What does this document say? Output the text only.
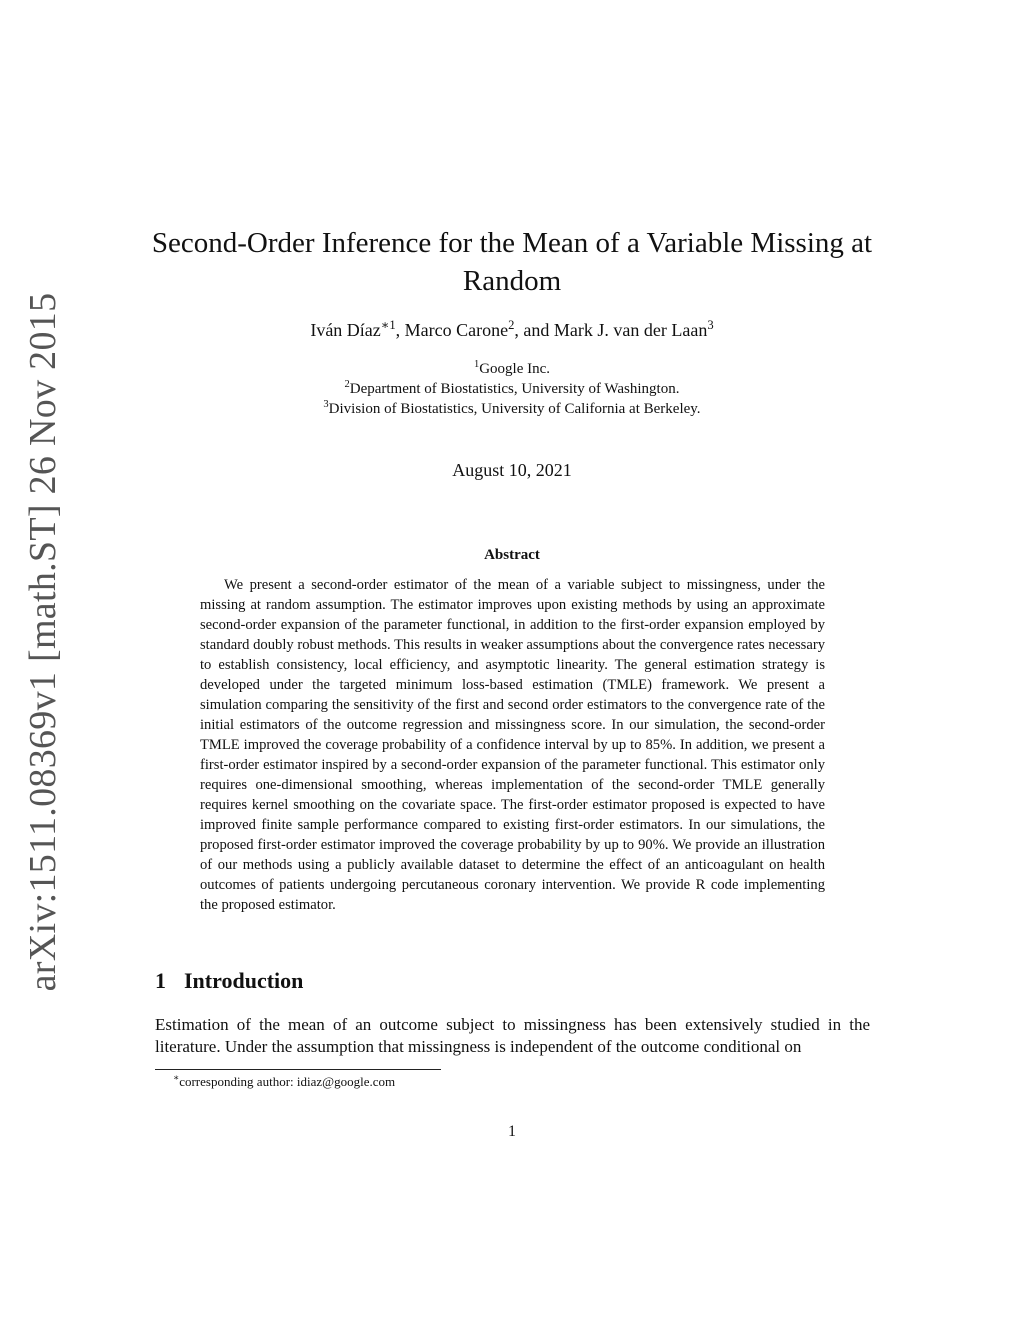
arXiv:1511.08369v1 [math.ST] 26 Nov 2015
Second-Order Inference for the Mean of a Variable Missing at Random
Iván Díaz$^{∗1}$, Marco Carone$^2$, and Mark J. van der Laan$^3$
$^1$Google Inc.
$^2$Department of Biostatistics, University of Washington.
$^3$Division of Biostatistics, University of California at Berkeley.
August 10, 2021
Abstract

We present a second-order estimator of the mean of a variable subject to missingness, under the missing at random assumption. The estimator improves upon existing methods by using an approximate second-order expansion of the parameter functional, in addition to the first-order expansion employed by standard doubly robust methods. This results in weaker assumptions about the convergence rates necessary to establish consistency, local efficiency, and asymptotic linearity. The general estimation strategy is developed under the targeted minimum loss-based estimation (TMLE) framework. We present a simulation comparing the sensitivity of the first and second order estimators to the convergence rate of the initial estimators of the outcome regression and missingness score. In our simulation, the second-order TMLE improved the coverage probability of a confidence interval by up to 85%. In addition, we present a first-order estimator inspired by a second-order expansion of the parameter functional. This estimator only requires one-dimensional smoothing, whereas implementation of the second-order TMLE generally requires kernel smoothing on the covariate space. The first-order estimator proposed is expected to have improved finite sample performance compared to existing first-order estimators. In our simulations, the proposed first-order estimator improved the coverage probability by up to 90%. We provide an illustration of our methods using a publicly available dataset to determine the effect of an anticoagulant on health outcomes of patients undergoing percutaneous coronary intervention. We provide R code implementing the proposed estimator.

1 Introduction

Estimation of the mean of an outcome subject to missingness has been extensively studied in the literature. Under the assumption that missingness is independent of the outcome conditional on

∗corresponding author: idiaz@google.com
1
